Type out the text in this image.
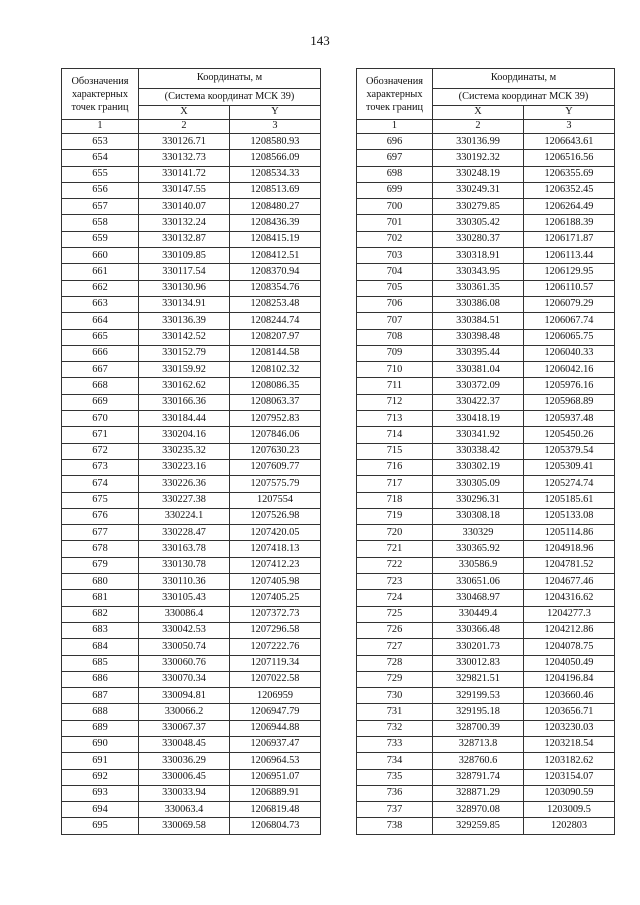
143
Обозначения характерных точек границ	Координаты, м	
	(Система координат МСК 39)	
	X	Y
1	2	3
653	330126.71	1208580.93
654	330132.73	1208566.09
655	330141.72	1208534.33
656	330147.55	1208513.69
657	330140.07	1208480.27
658	330132.24	1208436.39
659	330132.87	1208415.19
660	330109.85	1208412.51
661	330117.54	1208370.94
662	330130.96	1208354.76
663	330134.91	1208253.48
664	330136.39	1208244.74
665	330142.52	1208207.97
666	330152.79	1208144.58
667	330159.92	1208102.32
668	330162.62	1208086.35
669	330166.36	1208063.37
670	330184.44	1207952.83
671	330204.16	1207846.06
672	330235.32	1207630.23
673	330223.16	1207609.77
674	330226.36	1207575.79
675	330227.38	1207554
676	330224.1	1207526.98
677	330228.47	1207420.05
678	330163.78	1207418.13
679	330130.78	1207412.23
680	330110.36	1207405.98
681	330105.43	1207405.25
682	330086.4	1207372.73
683	330042.53	1207296.58
684	330050.74	1207222.76
685	330060.76	1207119.34
686	330070.34	1207022.58
687	330094.81	1206959
688	330066.2	1206947.79
689	330067.37	1206944.88
690	330048.45	1206937.47
691	330036.29	1206964.53
692	330006.45	1206951.07
693	330033.94	1206889.91
694	330063.4	1206819.48
695	330069.58	1206804.73
Обозначения характерных точек границ	Координаты, м	
	(Система координат МСК 39)	
	X	Y
1	2	3
696	330136.99	1206643.61
697	330192.32	1206516.56
698	330248.19	1206355.69
699	330249.31	1206352.45
700	330279.85	1206264.49
701	330305.42	1206188.39
702	330280.37	1206171.87
703	330318.91	1206113.44
704	330343.95	1206129.95
705	330361.35	1206110.57
706	330386.08	1206079.29
707	330384.51	1206067.74
708	330398.48	1206065.75
709	330395.44	1206040.33
710	330381.04	1206042.16
711	330372.09	1205976.16
712	330422.37	1205968.89
713	330418.19	1205937.48
714	330341.92	1205450.26
715	330338.42	1205379.54
716	330302.19	1205309.41
717	330305.09	1205274.74
718	330296.31	1205185.61
719	330308.18	1205133.08
720	330329	1205114.86
721	330365.92	1204918.96
722	330586.9	1204781.52
723	330651.06	1204677.46
724	330468.97	1204316.62
725	330449.4	1204277.3
726	330366.48	1204212.86
727	330201.73	1204078.75
728	330012.83	1204050.49
729	329821.51	1204196.84
730	329199.53	1203660.46
731	329195.18	1203656.71
732	328700.39	1203230.03
733	328713.8	1203218.54
734	328760.6	1203182.62
735	328791.74	1203154.07
736	328871.29	1203090.59
737	328970.08	1203009.5
738	329259.85	1202803
